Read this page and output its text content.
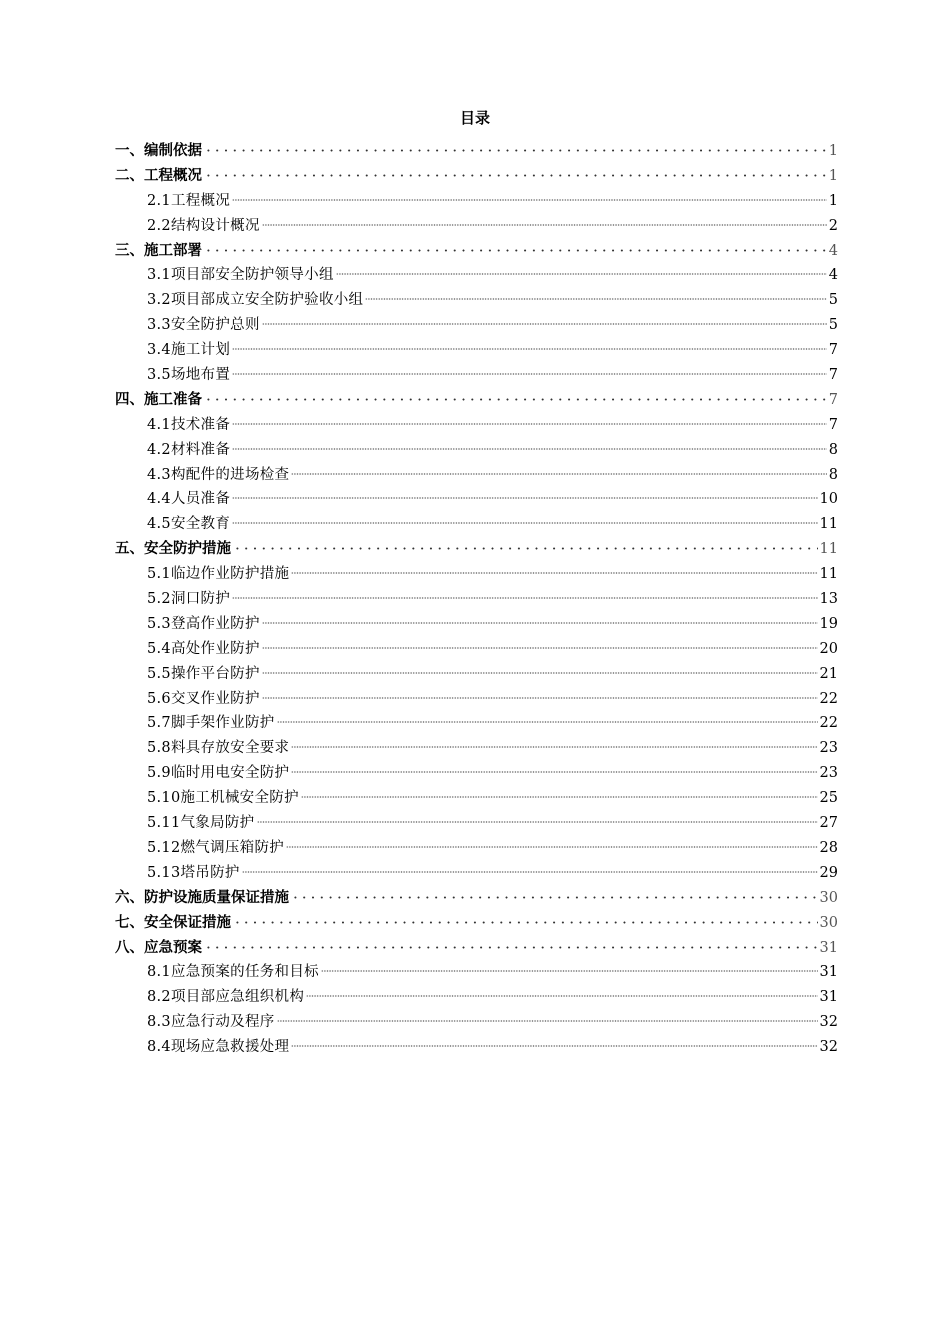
目录
一、编制依据	1
二、工程概况	1
2.1工程概况	1
2.2结构设计概况	2
三、施工部署	4
3.1项目部安全防护领导小组	4
3.2项目部成立安全防护验收小组	5
3.3安全防护总则	5
3.4施工计划	7
3.5场地布置	7
四、施工准备	7
4.1技术准备	7
4.2材料准备	8
4.3构配件的进场检查	8
4.4人员准备	10
4.5安全教育	11
五、安全防护措施	11
5.1临边作业防护措施	11
5.2洞口防护	13
5.3登高作业防护	19
5.4高处作业防护	20
5.5操作平台防护	21
5.6交叉作业防护	22
5.7脚手架作业防护	22
5.8料具存放安全要求	23
5.9临时用电安全防护	23
5.10施工机械安全防护	25
5.11气象局防护	27
5.12燃气调压箱防护	28
5.13塔吊防护	29
六、防护设施质量保证措施	30
七、安全保证措施	30
八、应急预案	31
8.1应急预案的任务和目标	31
8.2项目部应急组织机构	31
8.3应急行动及程序	32
8.4现场应急救援处理	32
